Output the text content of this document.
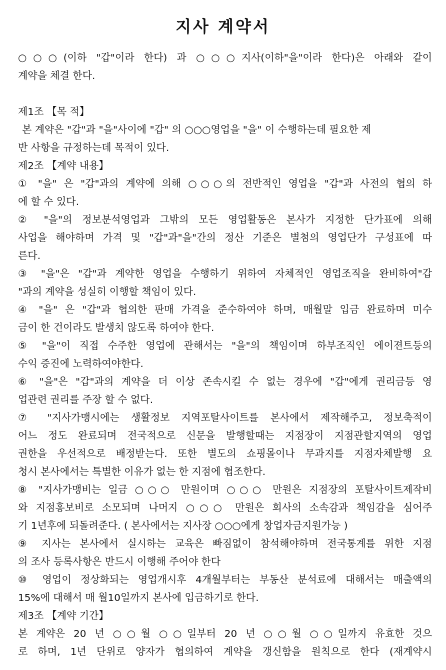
지사 계약서
○○○(이하 "갑"이라 한다) 과 ○○○지사(이하"을"이라 한다)은 아래와 같이
계약을 체결 한다.
제1조 【목 적】
본 계약은 "갑"과 "을"사이에 "갑" 의 ○○○영업을 "을" 이 수행하는데 필요한 제
반 사항을 규정하는데 목적이 있다.
제2조 【계약 내용】
① "을" 은 "갑"과의 계약에 의해 ○○○의 전반적인 영업을 "갑"과 사전의 협의 하
에 할 수 있다.
② "을"의 정보분석영업과 그밖의 모든 영업활동은 본사가 지정한 단가표에 의해
사업을 해야하며 가격 및 "갑"과"을"간의 정산 기준은 별첨의 영업단가 구성표에 따
른다.
③ "을"은 "갑"과 계약한 영업을 수행하기 위하여 자체적인 영업조직을 완비하여"갑
"과의 계약을 성실히 이행할 책임이 있다.
④ "을" 은 "갑"과 협의한 판매 가격을 준수하여야 하며, 매월말 입금 완료하며 미수
금이 한 건이라도 발생치 않도록 하여야 한다.
⑤ "을"이 직접 수주한 영업에 관해서는 "을"의 책임이며 하부조직인 에이젼트등의
수익 증진에 노력하여야한다.
⑥ "을"은 "갑"과의 계약을 더 이상 존속시킬 수 없는 경우에 "갑"에게 권리금등 영
업관련 권리를 주장 할 수 없다.
⑦ "지사가맹시에는 생활정보 지역포탈사이트를 본사에서 제작해주고, 정보축적이
어느 정도 완료되며 전국적으로 신문을 발행할때는 지점장이 지점관할지역의 영업
권한을 우선적으로 배정받는다. 또한 별도의 쇼핑몰이나 무과지를 지점자체발행 요
청시 본사에서는 특별한 이유가 없는 한 지점에 협조한다.
⑧ "지사가맹비는 일금 ○○○ 만원이며 ○○○ 만원은 지점장의 포탈사이트제작비
와 지점홍보비로 소모되며 나머지 ○○○ 만원은 회사의 소속감과 책임감을 심어주
기 1년후에 되돌려준다. ( 본사에서는 지사장 ○○○에게 창업자금지원가능 )
⑨ 지사는 본사에서 실시하는 교육은 빠짐없이 참석해야하며 전국통계를 위한 지점
의 조사 등록사항은 반드시 이행해 주어야 한다
⑩ 영업이 정상화되는 영업개시후 4개월부터는 부동산 분석료에 대해서는 매출액의
15%에 대해서 매 월10일까지 본사에 입금하기로 한다.
제3조 【계약 기간】
본 계약은 20 년 ○○월 ○○일부터 20 년 ○○월 ○○일까지 유효한 것으
로 하며, 1년 단위로 양자가 협의하여 계약을 갱신함을 원칙으로 한다 (재계약시
